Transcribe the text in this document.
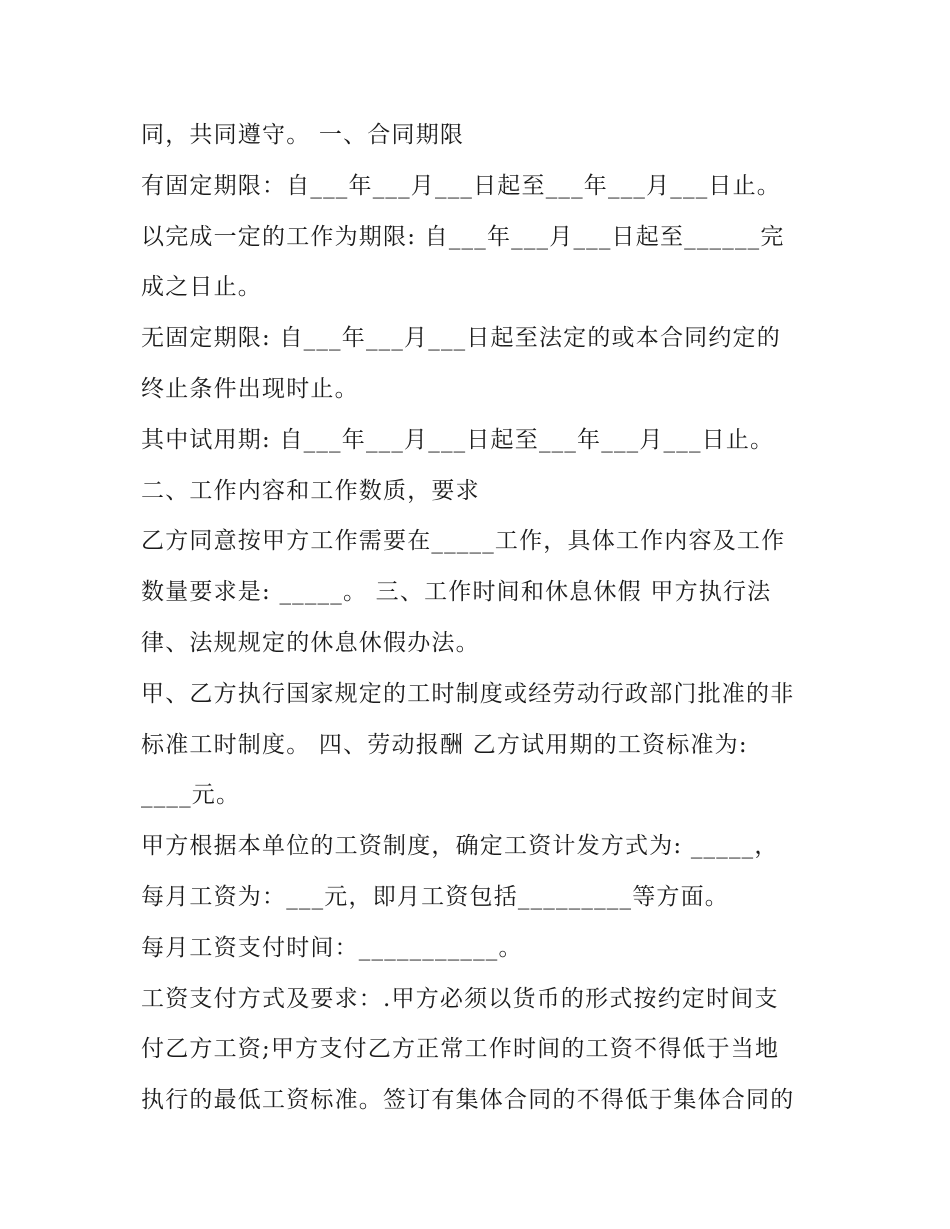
同，共同遵守。 一、合同期限
有固定期限：自___年___月___日起至___年___月___日止。
以完成一定的工作为期限: 自___年___月___日起至______完
成之日止。
无固定期限: 自___年___月___日起至法定的或本合同约定的
终止条件出现时止。
其中试用期: 自___年___月___日起至___年___月___日止。
二、工作内容和工作数质，要求
乙方同意按甲方工作需要在_____工作，具体工作内容及工作
数量要求是: _____。 三、工作时间和休息休假 甲方执行法
律、法规规定的休息休假办法。
甲、乙方执行国家规定的工时制度或经劳动行政部门批准的非
标准工时制度。 四、劳动报酬 乙方试用期的工资标准为:
____元。
甲方根据本单位的工资制度，确定工资计发方式为: _____，
每月工资为：___元，即月工资包括_________等方面。
每月工资支付时间：___________。
工资支付方式及要求：.甲方必须以货币的形式按约定时间支
付乙方工资;甲方支付乙方正常工作时间的工资不得低于当地
执行的最低工资标准。签订有集体合同的不得低于集体合同的
